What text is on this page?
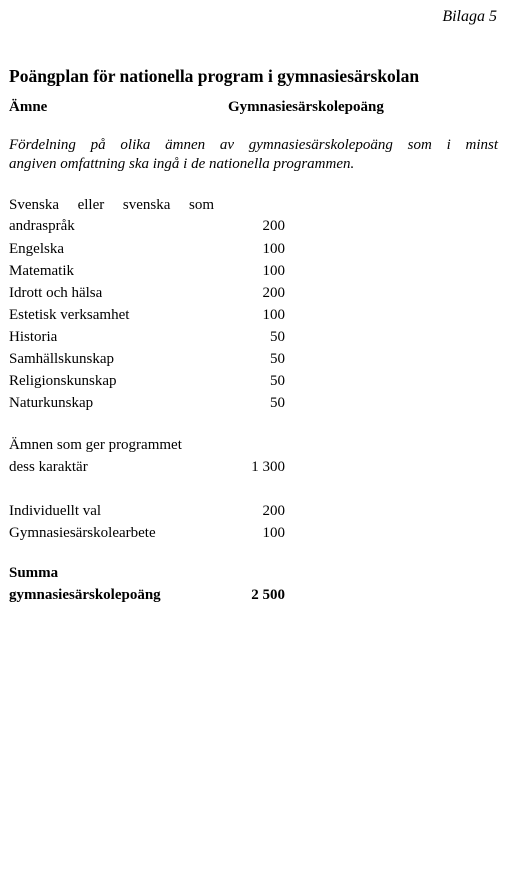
Bilaga 5
Poängplan för nationella program i gymnasiesärskolan
Ämne	Gymnasiesärskolepoäng
Fördelning på olika ämnen av gymnasiesärskolepoäng som i minst
angiven omfattning ska ingå i de nationella programmen.
Svenska eller svenska som
andraspråk	200
Engelska	100
Matematik	100
Idrott och hälsa	200
Estetisk verksamhet	100
Historia	50
Samhällskunskap	50
Religionskunskap	50
Naturkunskap	50
Ämnen som ger programmet
dess karaktär	1 300
Individuellt val	200
Gymnasiesärskolearbete	100
Summa
gymnasiesärskolepoäng	2 500
